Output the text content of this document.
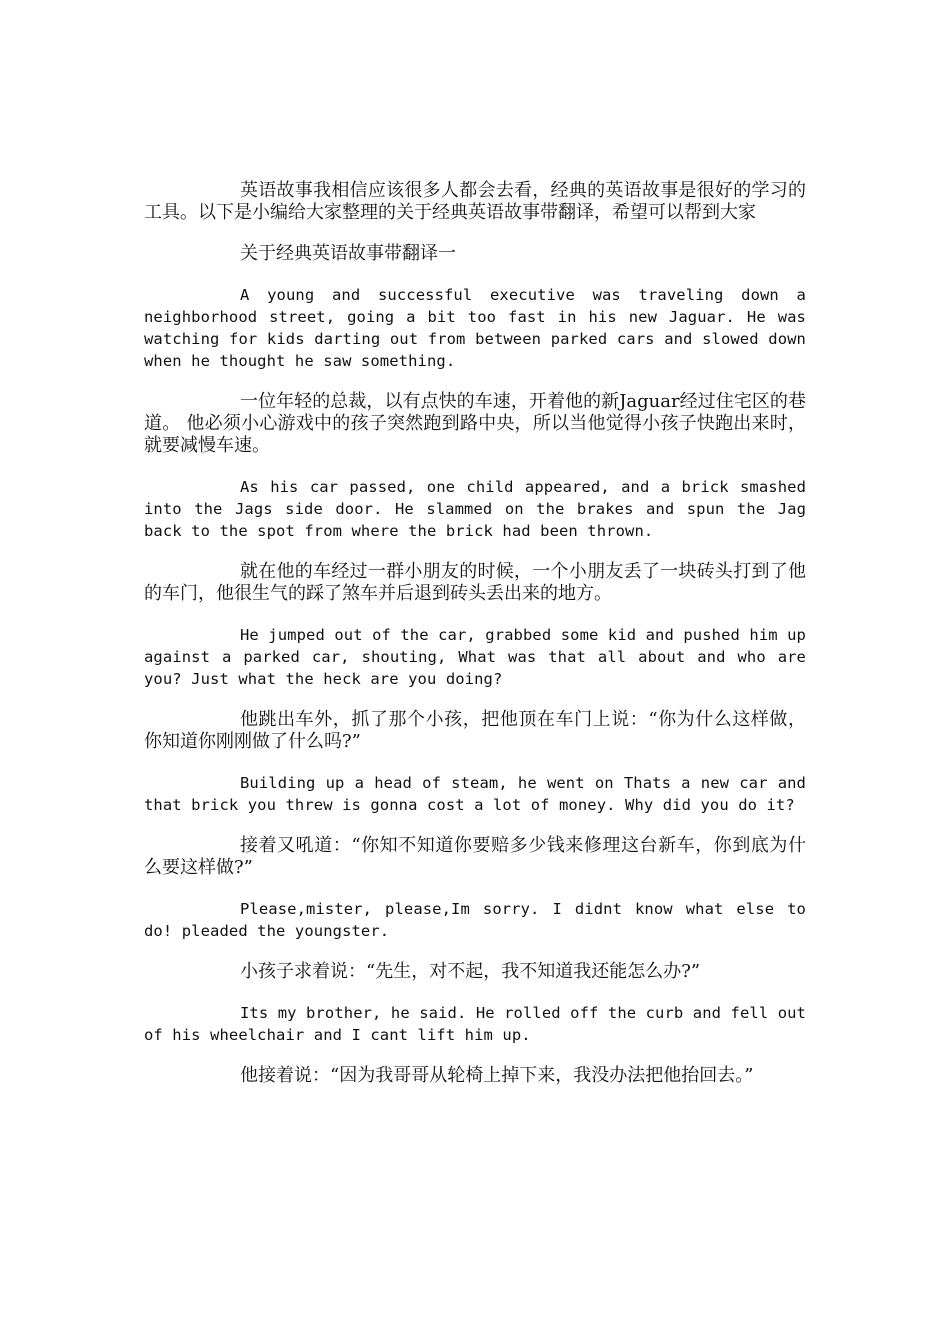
英语故事我相信应该很多人都会去看，经典的英语故事是很好的学习的工具。以下是小编给大家整理的关于经典英语故事带翻译，希望可以帮到大家

关于经典英语故事带翻译一

A young and successful executive was traveling down a neighborhood street, going a bit too fast in his new Jaguar. He was watching for kids darting out from between parked cars and slowed down when he thought he saw something.

一位年轻的总裁，以有点快的车速，开着他的新Jaguar经过住宅区的巷道。 他必须小心游戏中的孩子突然跑到路中央，所以当他觉得小孩子快跑出来时，就要减慢车速。

As his car passed, one child appeared, and a brick smashed into the Jags side door. He slammed on the brakes and spun the Jag back to the spot from where the brick had been thrown.

就在他的车经过一群小朋友的时候，一个小朋友丢了一块砖头打到了他的车门，他很生气的踩了煞车并后退到砖头丢出来的地方。

He jumped out of the car, grabbed some kid and pushed him up against a parked car, shouting, What was that all about and who are you? Just what the heck are you doing?

他跳出车外，抓了那个小孩，把他顶在车门上说：“你为什么这样做，你知道你刚刚做了什么吗?”

Building up a head of steam, he went on Thats a new car and that brick you threw is gonna cost a lot of money. Why did you do it?

接着又吼道：“你知不知道你要赔多少钱来修理这台新车，你到底为什么要这样做?”

Please,mister, please,Im sorry. I didnt know what else to do! pleaded the youngster.

小孩子求着说：“先生，对不起，我不知道我还能怎么办?”

Its my brother, he said. He rolled off the curb and fell out of his wheelchair and I cant lift him up.

他接着说：“因为我哥哥从轮椅上掉下来，我没办法把他抬回去。”
